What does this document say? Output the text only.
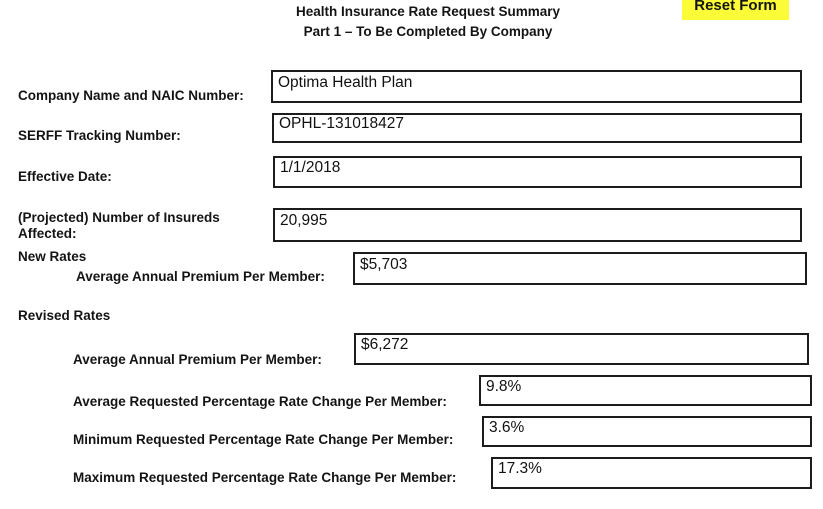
Health Insurance Rate Request Summary
Part 1 – To Be Completed By Company
Reset Form
Company Name and NAIC Number:
Optima Health Plan
SERFF Tracking Number:
OPHL-131018427
Effective Date:
1/1/2018
(Projected) Number of Insureds Affected:
20,995
New Rates
Average Annual Premium Per Member:
$5,703
Revised Rates
Average Annual Premium Per Member:
$6,272
Average Requested Percentage Rate Change Per Member:
9.8%
Minimum Requested Percentage Rate Change Per Member:
3.6%
Maximum Requested Percentage Rate Change Per Member:
17.3%
